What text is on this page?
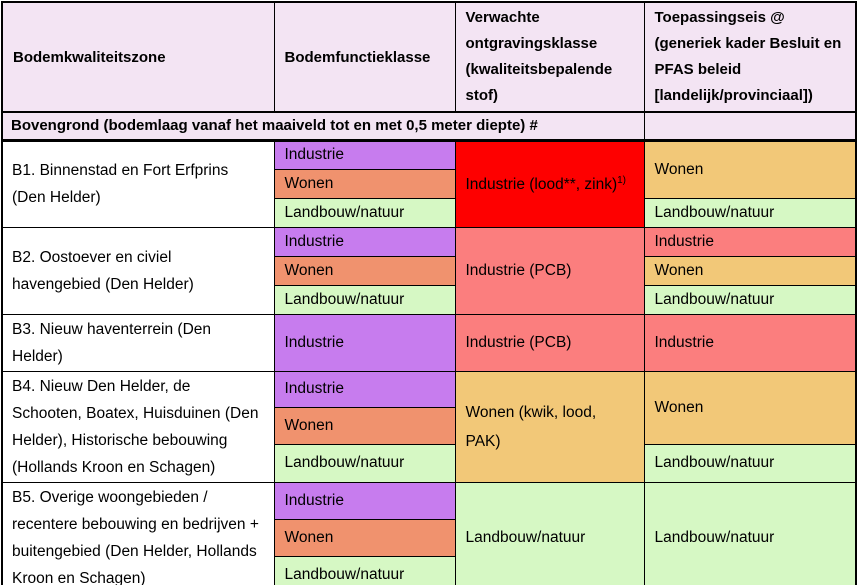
Bodemkwaliteitszone	Bodemfunctieklasse	Verwachte ontgravingsklasse (kwaliteitsbepalende stof)	Toepassingseis @ (generiek kader Besluit en PFAS beleid [landelijk/provinciaal])
Bovengrond (bodemlaag vanaf het maaiveld tot en met 0,5 meter diepte) #			
B1. Binnenstad en Fort Erfprins (Den Helder)	Industrie	Industrie (lood**, zink)$^{1)}$	Wonen
	Wonen		
	Landbouw/natuur		Landbouw/natuur
B2. Oostoever en civiel havengebied (Den Helder)	Industrie	Industrie (PCB)	Industrie
	Wonen		Wonen
	Landbouw/natuur		Landbouw/natuur
B3. Nieuw haventerrein (Den Helder)	Industrie	Industrie (PCB)	Industrie
B4. Nieuw Den Helder, de Schooten, Boatex, Huisduinen (Den Helder), Historische bebouwing (Hollands Kroon en Schagen)	Industrie	Wonen (kwik, lood, PAK)	Wonen
	Wonen		
	Landbouw/natuur		Landbouw/natuur
B5. Overige woongebieden / recentere bebouwing en bedrijven + buitengebied (Den Helder, Hollands Kroon en Schagen)	Industrie	Landbouw/natuur	Landbouw/natuur
	Wonen		
	Landbouw/natuur		
